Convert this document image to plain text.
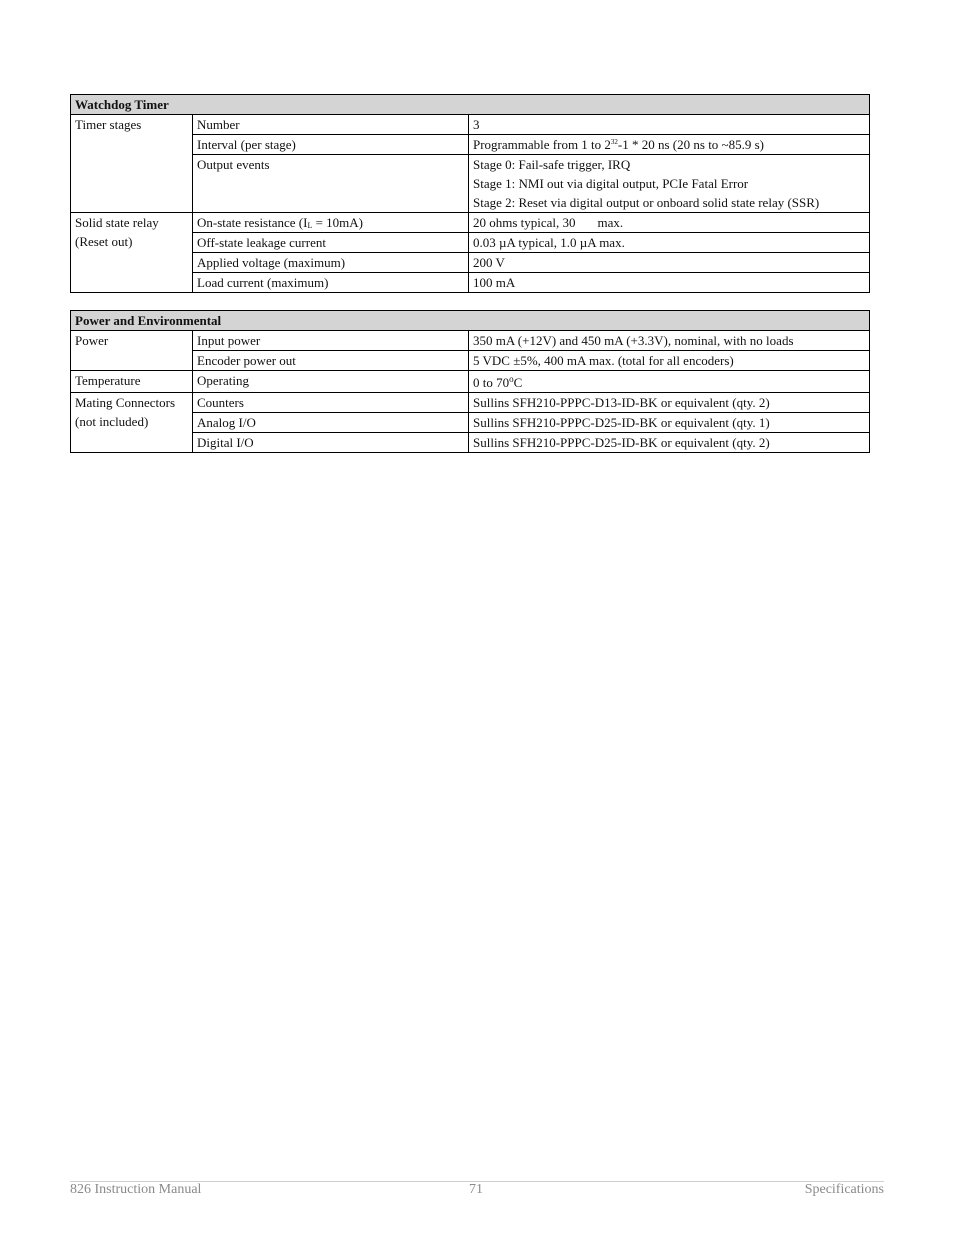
Watchdog Timer		
Timer stages	Number	3
	Interval (per stage)	Programmable from 1 to $2^{32}-1 * 20$ ns (20 ns to ~85.9 s)
	Output events	Stage 0: Fail-safe trigger, IRQ
Stage 1: NMI out via digital output, PCIe Fatal Error
Stage 2: Reset via digital output or onboard solid state relay (SSR)

Solid state relay
(Reset out)	On-state resistance $(I_L = 10mA)$	20 ohms typical, 30 max.
	Off-state leakage current	0.03 µA typical, 1.0 µA max.
	Applied voltage (maximum)	200 V
	Load current (maximum)	100 mA
Power and Environmental		
Power	Input power	350 mA (+12V) and 450 mA (+3.3V), nominal, with no loads
	Encoder power out	5 VDC ±5%, 400 mA max. (total for all encoders)
Temperature	Operating	0 to 70$^o$C

Mating Connectors
(not included)	Counters	Sullins SFH210-PPPC-D13-ID-BK or equivalent (qty. 2)
	Analog I/O	Sullins SFH210-PPPC-D25-ID-BK or equivalent (qty. 1)
	Digital I/O	Sullins SFH210-PPPC-D25-ID-BK or equivalent (qty. 2)
826 Instruction Manual	71	Specifications
